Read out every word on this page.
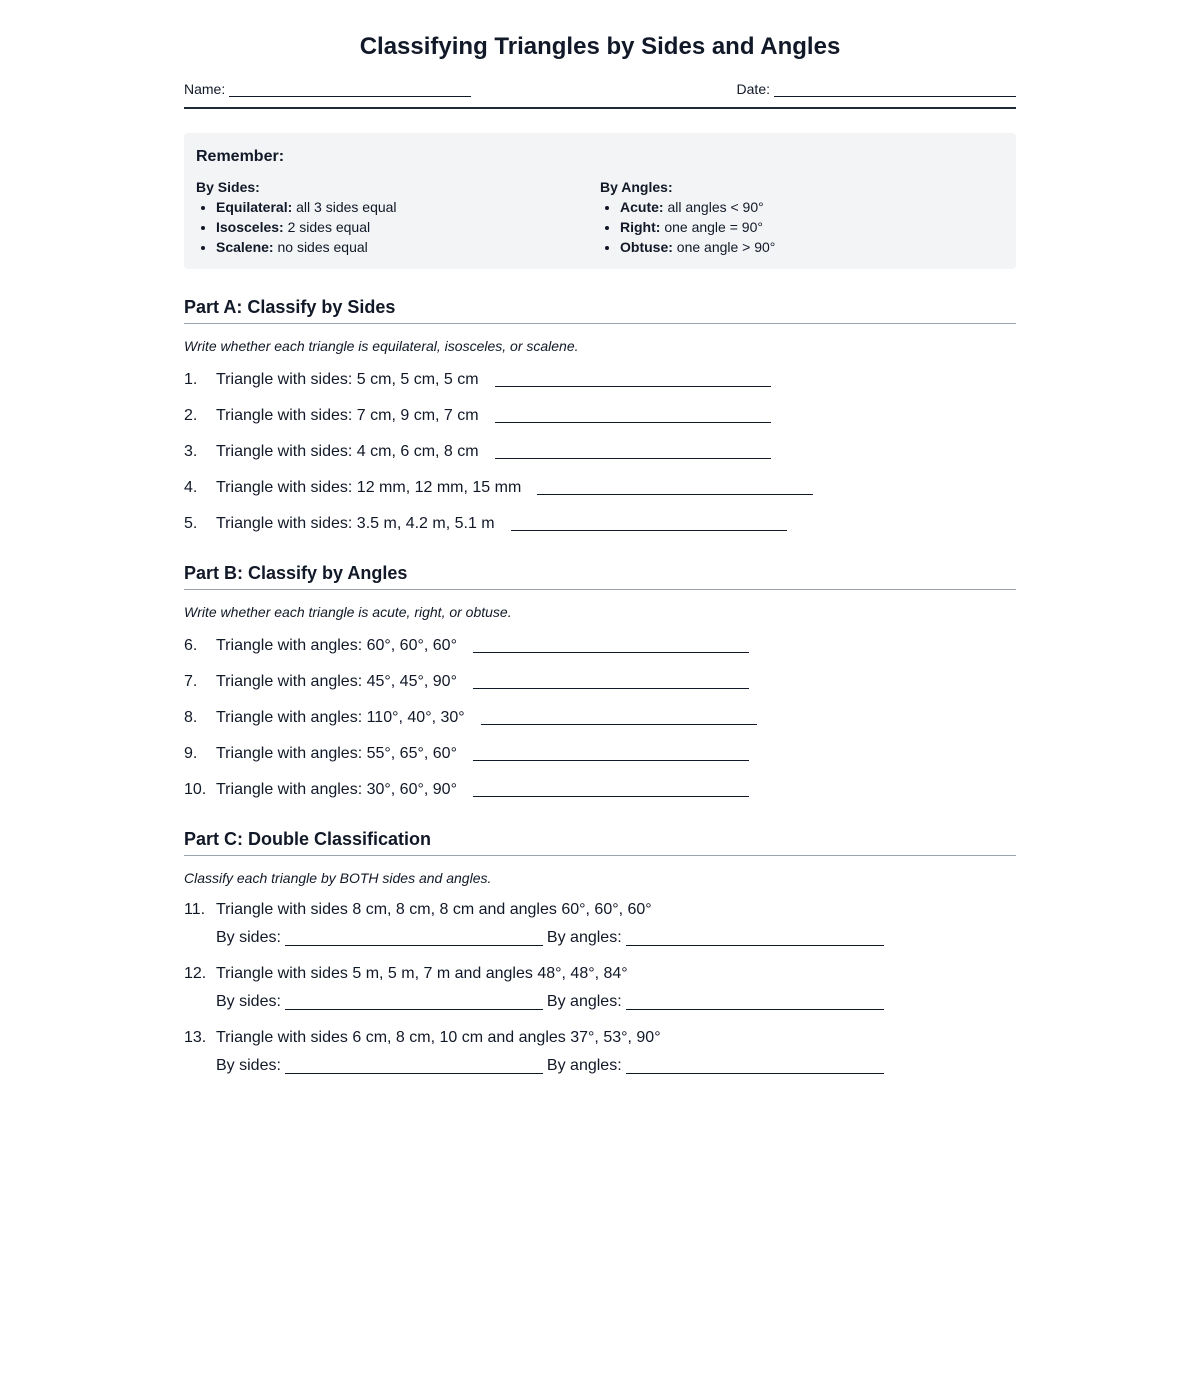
Classifying Triangles by Sides and Angles
Name:	Date:
Remember:
By Sides:
• Equilateral: all 3 sides equal
• Isosceles: 2 sides equal
• Scalene: no sides equal
By Angles:
• Acute: all angles < 90°
• Right: one angle = 90°
• Obtuse: one angle > 90°
Part A: Classify by Sides
Write whether each triangle is equilateral, isosceles, or scalene.
1.	Triangle with sides: 5 cm, 5 cm, 5 cm
2.	Triangle with sides: 7 cm, 9 cm, 7 cm
3.	Triangle with sides: 4 cm, 6 cm, 8 cm
4.	Triangle with sides: 12 mm, 12 mm, 15 mm
5.	Triangle with sides: 3.5 m, 4.2 m, 5.1 m
Part B: Classify by Angles
Write whether each triangle is acute, right, or obtuse.
6.	Triangle with angles: 60°, 60°, 60°
7.	Triangle with angles: 45°, 45°, 90°
8.	Triangle with angles: 110°, 40°, 30°
9.	Triangle with angles: 55°, 65°, 60°
10. Triangle with angles: 30°, 60°, 90°
Part C: Double Classification
Classify each triangle by BOTH sides and angles.
11. Triangle with sides 8 cm, 8 cm, 8 cm and angles 60°, 60°, 60°
By sides:	By angles:
12. Triangle with sides 5 m, 5 m, 7 m and angles 48°, 48°, 84°
By sides:	By angles:
13. Triangle with sides 6 cm, 8 cm, 10 cm and angles 37°, 53°, 90°
By sides:	By angles:
